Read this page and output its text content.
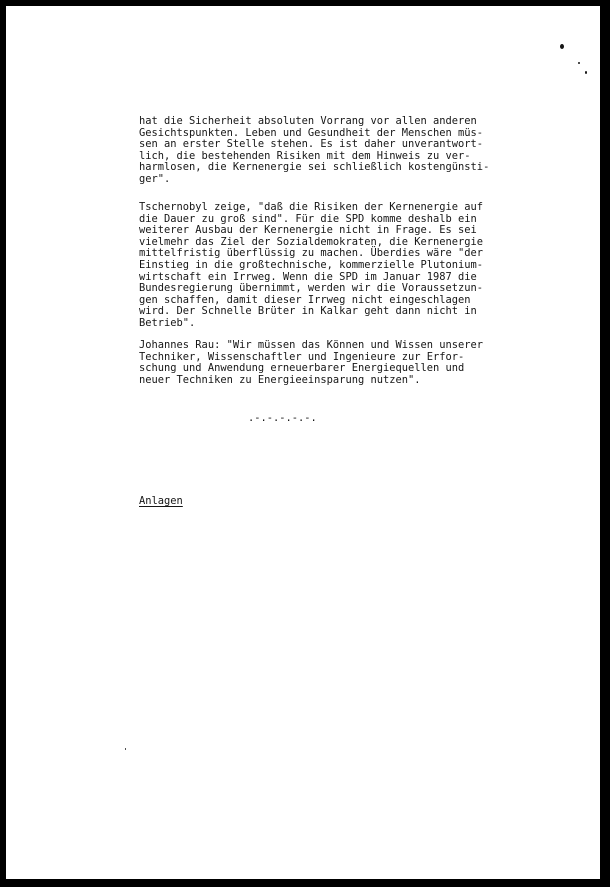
hat die Sicherheit absoluten Vorrang vor allen anderen
Gesichtspunkten. Leben und Gesundheit der Menschen müs-
sen an erster Stelle stehen. Es ist daher unverantwort-
lich, die bestehenden Risiken mit dem Hinweis zu ver-
harmlosen, die Kernenergie sei schließlich kostengünsti-
ger".

Tschernobyl zeige, "daß die Risiken der Kernenergie auf
die Dauer zu groß sind". Für die SPD komme deshalb ein
weiterer Ausbau der Kernenergie nicht in Frage. Es sei
vielmehr das Ziel der Sozialdemokraten, die Kernenergie
mittelfristig überflüssig zu machen. Überdies wäre "der
Einstieg in die großtechnische, kommerzielle Plutonium-
wirtschaft ein Irrweg. Wenn die SPD im Januar 1987 die
Bundesregierung übernimmt, werden wir die Voraussetzun-
gen schaffen, damit dieser Irrweg nicht eingeschlagen
wird. Der Schnelle Brüter in Kalkar geht dann nicht in
Betrieb".

Johannes Rau: "Wir müssen das Können und Wissen unserer
Techniker, Wissenschaftler und Ingenieure zur Erfor-
schung und Anwendung erneuerbarer Energiequellen und
neuer Techniken zu Energieeinsparung nutzen".

.-.-.-.-.-.

Anlagen
